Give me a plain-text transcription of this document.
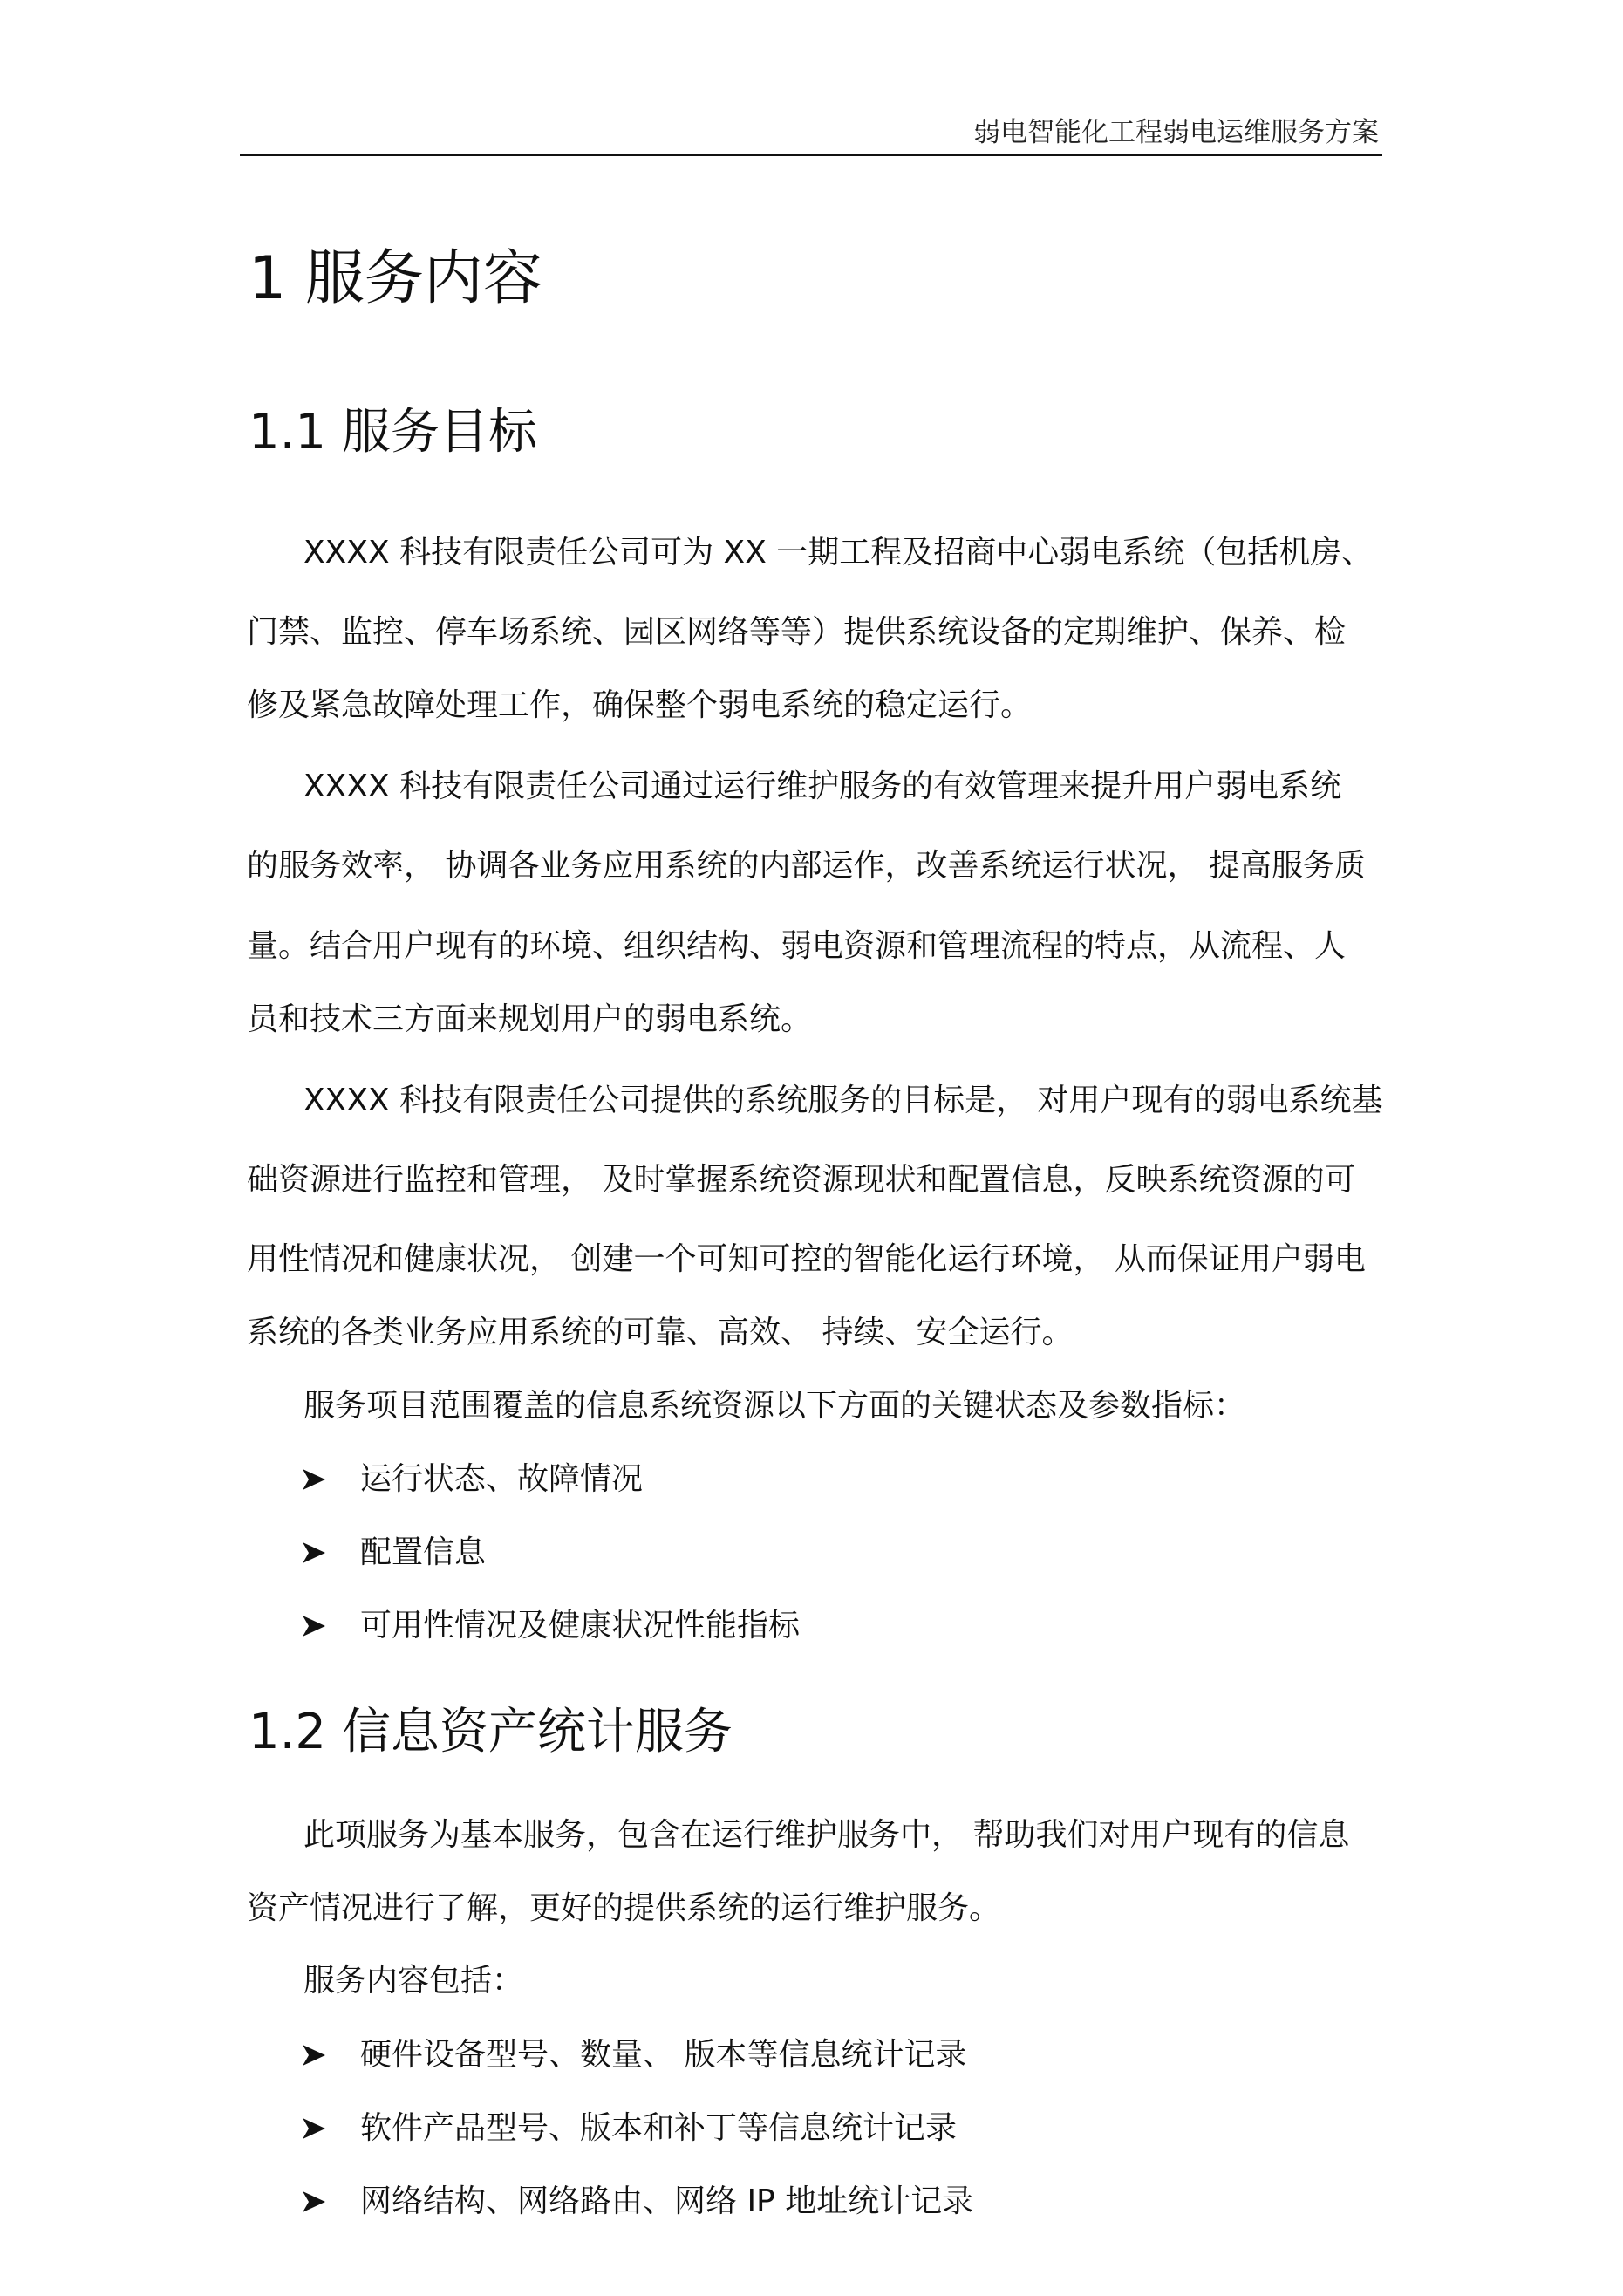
弱电智能化工程弱电运维服务方案
1 服务内容
1.1 服务目标

XXXX 科技有限责任公司可为 XX 一期工程及招商中心弱电系统（包括机房、

门禁、监控、停车场系统、园区网络等等）提供系统设备的定期维护、保养、检

修及紧急故障处理工作，确保整个弱电系统的稳定运行。

XXXX 科技有限责任公司通过运行维护服务的有效管理来提升用户弱电系统

的服务效率， 协调各业务应用系统的内部运作，改善系统运行状况， 提高服务质

量。结合用户现有的环境、组织结构、弱电资源和管理流程的特点，从流程、人

员和技术三方面来规划用户的弱电系统。

XXXX 科技有限责任公司提供的系统服务的目标是， 对用户现有的弱电系统基

础资源进行监控和管理， 及时掌握系统资源现状和配置信息，反映系统资源的可

用性情况和健康状况， 创建一个可知可控的智能化运行环境， 从而保证用户弱电

系统的各类业务应用系统的可靠、高效、 持续、安全运行。

服务项目范围覆盖的信息系统资源以下方面的关键状态及参数指标：

运行状态、故障情况
配置信息
可用性情况及健康状况性能指标
1.2 信息资产统计服务

此项服务为基本服务，包含在运行维护服务中， 帮助我们对用户现有的信息

资产情况进行了解，更好的提供系统的运行维护服务。

服务内容包括：

硬件设备型号、数量、 版本等信息统计记录
软件产品型号、版本和补丁等信息统计记录
网络结构、网络路由、网络 IP 地址统计记录
